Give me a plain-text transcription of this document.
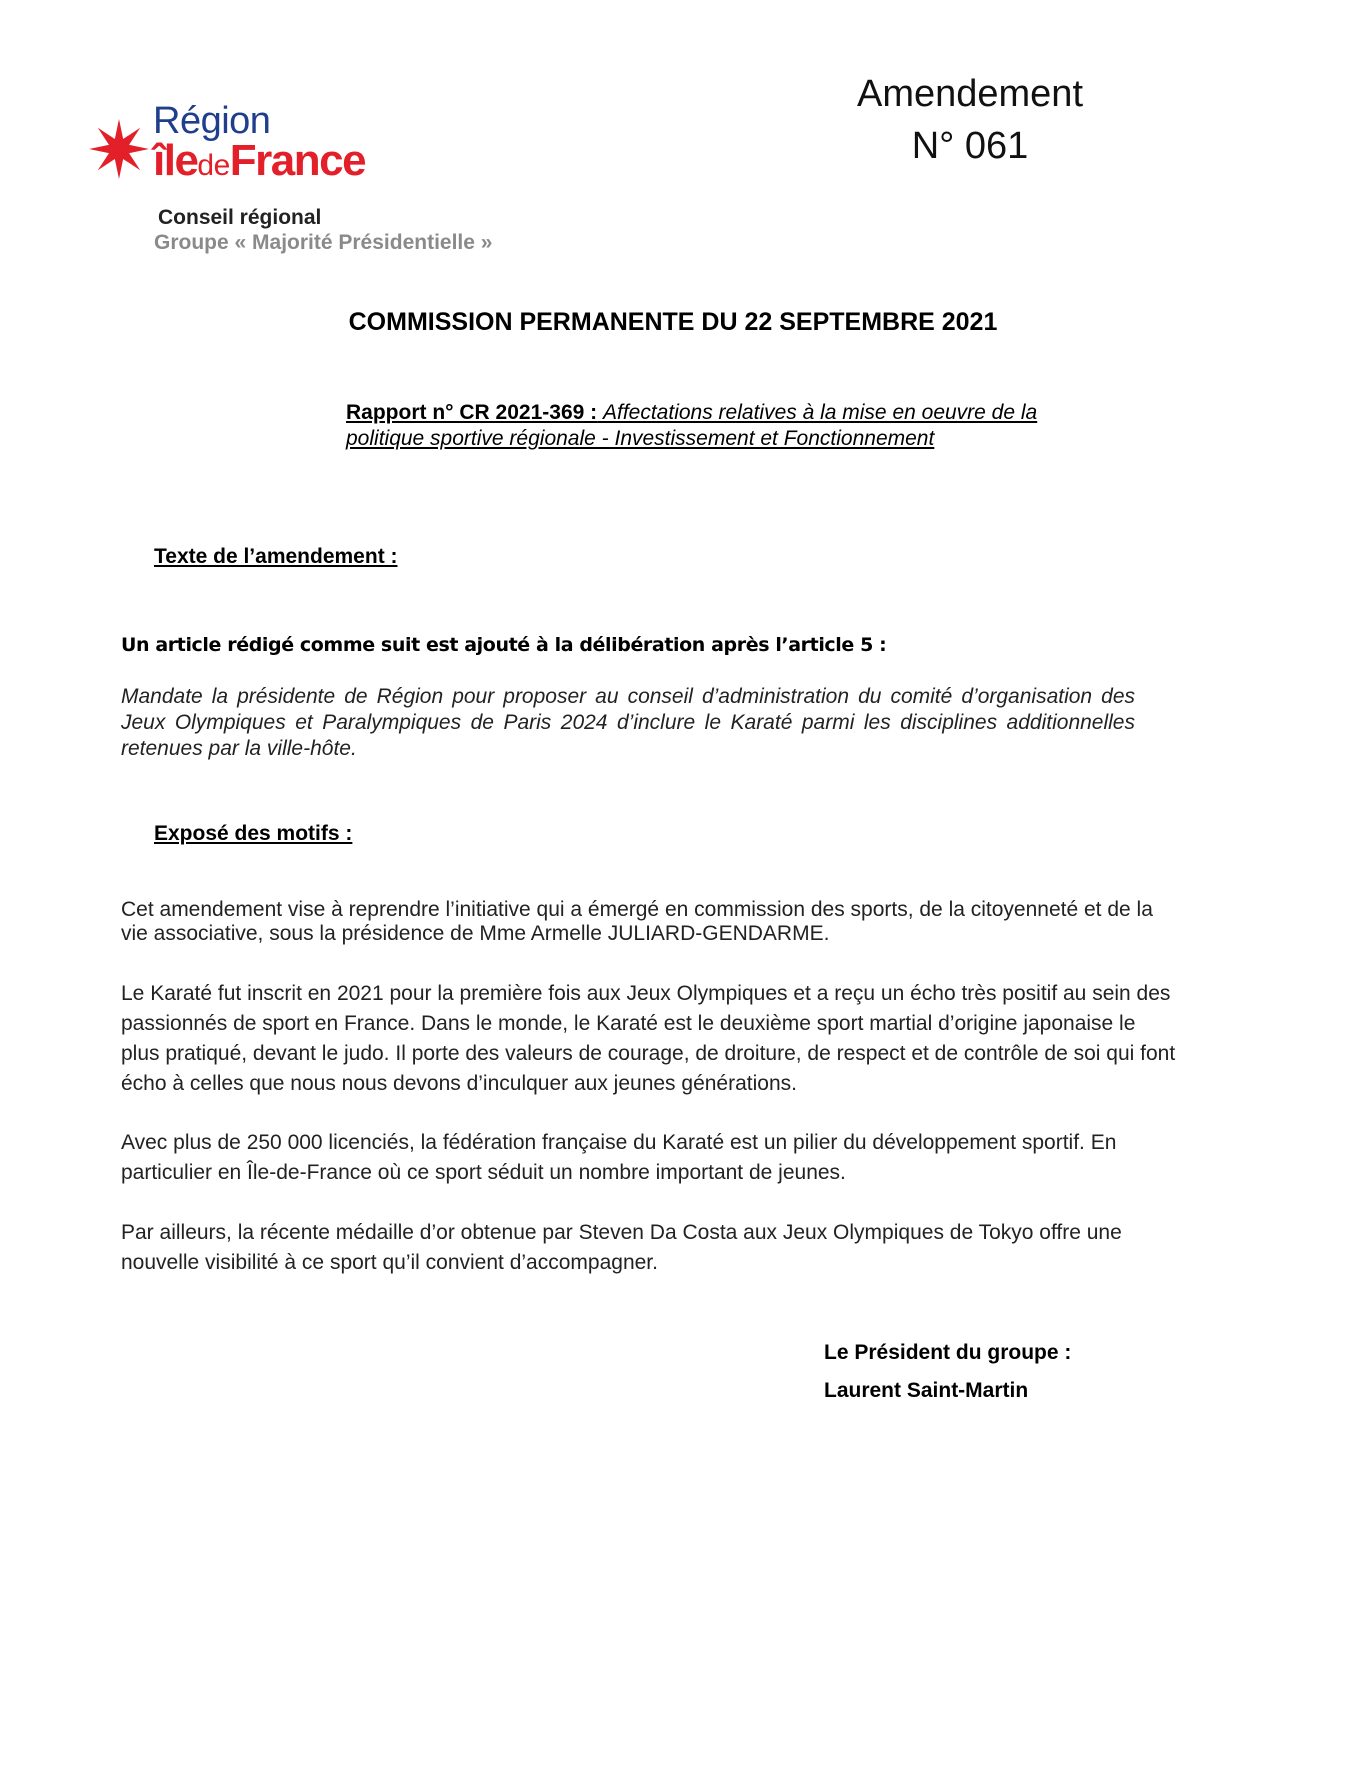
Région
îledeFrance
Conseil régional
Groupe « Majorité Présidentielle »
Amendement
N° 061
COMMISSION PERMANENTE DU 22 SEPTEMBRE 2021
Rapport n° CR 2021-369 : Affectations relatives à la mise en oeuvre de la politique sportive régionale - Investissement et Fonctionnement
Texte de l’amendement :
Un article rédigé comme suit est ajouté à la délibération après l’article 5 :
Mandate la présidente de Région pour proposer au conseil d’administration du comité d’organisation des Jeux Olympiques et Paralympiques de Paris 2024 d’inclure le Karaté parmi les disciplines additionnelles retenues par la ville-hôte.
Exposé des motifs :
Cet amendement vise à reprendre l’initiative qui a émergé en commission des sports, de la citoyenneté et de la vie associative, sous la présidence de Mme Armelle JULIARD-GENDARME.
Le Karaté fut inscrit en 2021 pour la première fois aux Jeux Olympiques et a reçu un écho très positif au sein des passionnés de sport en France. Dans le monde, le Karaté est le deuxième sport martial d’origine japonaise le plus pratiqué, devant le judo. Il porte des valeurs de courage, de droiture, de respect et de contrôle de soi qui font écho à celles que nous nous devons d’inculquer aux jeunes générations.
Avec plus de 250 000 licenciés, la fédération française du Karaté est un pilier du développement sportif. En particulier en Île-de-France où ce sport séduit un nombre important de jeunes.
Par ailleurs, la récente médaille d’or obtenue par Steven Da Costa aux Jeux Olympiques de Tokyo offre une nouvelle visibilité à ce sport qu’il convient d’accompagner.
Le Président du groupe :
Laurent Saint-Martin
